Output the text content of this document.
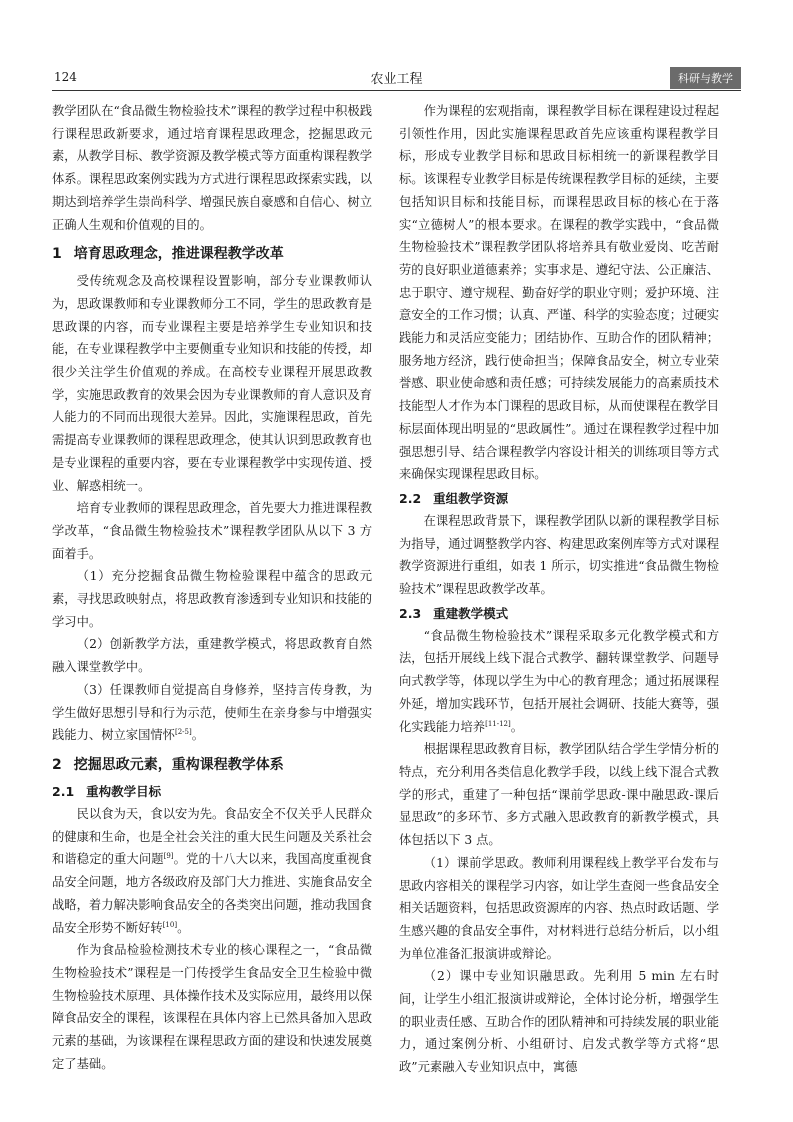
124	农业工程	科研与教学

教学团队在“食品微生物检验技术”课程的教学过程中积极践行课程思政新要求，通过培育课程思政理念，挖掘思政元素，从教学目标、教学资源及教学模式等方面重构课程教学体系。课程思政案例实践为方式进行课程思政探索实践，以期达到培养学生崇尚科学、增强民族自豪感和自信心、树立正确人生观和价值观的目的。

1 培育思政理念，推进课程教学改革

受传统观念及高校课程设置影响，部分专业课教师认为，思政课教师和专业课教师分工不同，学生的思政教育是思政课的内容，而专业课程主要是培养学生专业知识和技能，在专业课程教学中主要侧重专业知识和技能的传授，却很少关注学生价值观的养成。在高校专业课程开展思政教学，实施思政教育的效果会因为专业课教师的育人意识及育人能力的不同而出现很大差异。因此，实施课程思政，首先需提高专业课教师的课程思政理念，使其认识到思政教育也是专业课程的重要内容，要在专业课程教学中实现传道、授业、解惑相统一。

培育专业教师的课程思政理念，首先要大力推进课程教学改革，“食品微生物检验技术”课程教学团队从以下 3 方面着手。

（1）充分挖掘食品微生物检验课程中蕴含的思政元素，寻找思政映射点，将思政教育渗透到专业知识和技能的学习中。

（2）创新教学方法，重建教学模式，将思政教育自然融入课堂教学中。

（3）任课教师自觉提高自身修养，坚持言传身教，为学生做好思想引导和行为示范，使师生在亲身参与中增强实践能力、树立家国情怀[2-5]。

2 挖掘思政元素，重构课程教学体系
2.1 重构教学目标

民以食为天，食以安为先。食品安全不仅关乎人民群众的健康和生命，也是全社会关注的重大民生问题及关系社会和谐稳定的重大问题[9]。党的十八大以来，我国高度重视食品安全问题，地方各级政府及部门大力推进、实施食品安全战略，着力解决影响食品安全的各类突出问题，推动我国食品安全形势不断好转[10]。

作为食品检验检测技术专业的核心课程之一，“食品微生物检验技术”课程是一门传授学生食品安全卫生检验中微生物检验技术原理、具体操作技术及实际应用，最终用以保障食品安全的课程，该课程在具体内容上已然具备加入思政元素的基础，为该课程在课程思政方面的建设和快速发展奠定了基础。

作为课程的宏观指南，课程教学目标在课程建设过程起引领性作用，因此实施课程思政首先应该重构课程教学目标，形成专业教学目标和思政目标相统一的新课程教学目标。该课程专业教学目标是传统课程教学目标的延续，主要包括知识目标和技能目标，而课程思政目标的核心在于落实“立德树人”的根本要求。在课程的教学实践中，“食品微生物检验技术”课程教学团队将培养具有敬业爱岗、吃苦耐劳的良好职业道德素养；实事求是、遵纪守法、公正廉洁、忠于职守、遵守规程、勤奋好学的职业守则；爱护环境、注意安全的工作习惯；认真、严谨、科学的实验态度；过硬实践能力和灵活应变能力；团结协作、互助合作的团队精神；服务地方经济，践行使命担当；保障食品安全，树立专业荣誉感、职业使命感和责任感；可持续发展能力的高素质技术技能型人才作为本门课程的思政目标，从而使课程在教学目标层面体现出明显的“思政属性”。通过在课程教学过程中加强思想引导、结合课程教学内容设计相关的训练项目等方式来确保实现课程思政目标。

2.2 重组教学资源

在课程思政背景下，课程教学团队以新的课程教学目标为指导，通过调整教学内容、构建思政案例库等方式对课程教学资源进行重组，如表 1 所示，切实推进“食品微生物检验技术”课程思政教学改革。

2.3 重建教学模式

“食品微生物检验技术”课程采取多元化教学模式和方法，包括开展线上线下混合式教学、翻转课堂教学、问题导向式教学等，体现以学生为中心的教育理念；通过拓展课程外延，增加实践环节，包括开展社会调研、技能大赛等，强化实践能力培养[11-12]。

根据课程思政教育目标，教学团队结合学生学情分析的特点，充分利用各类信息化教学手段，以线上线下混合式教学的形式，重建了一种包括“课前学思政-课中融思政-课后显思政”的多环节、多方式融入思政教育的新教学模式，具体包括以下 3 点。

（1）课前学思政。教师利用课程线上教学平台发布与思政内容相关的课程学习内容，如让学生查阅一些食品安全相关话题资料，包括思政资源库的内容、热点时政话题、学生感兴趣的食品安全事件，对材料进行总结分析后，以小组为单位准备汇报演讲或辩论。

（2）课中专业知识融思政。先利用 5 min 左右时间，让学生小组汇报演讲或辩论，全体讨论分析，增强学生的职业责任感、互助合作的团队精神和可持续发展的职业能力，通过案例分析、小组研讨、启发式教学等方式将“思政”元素融入专业知识点中，寓德
